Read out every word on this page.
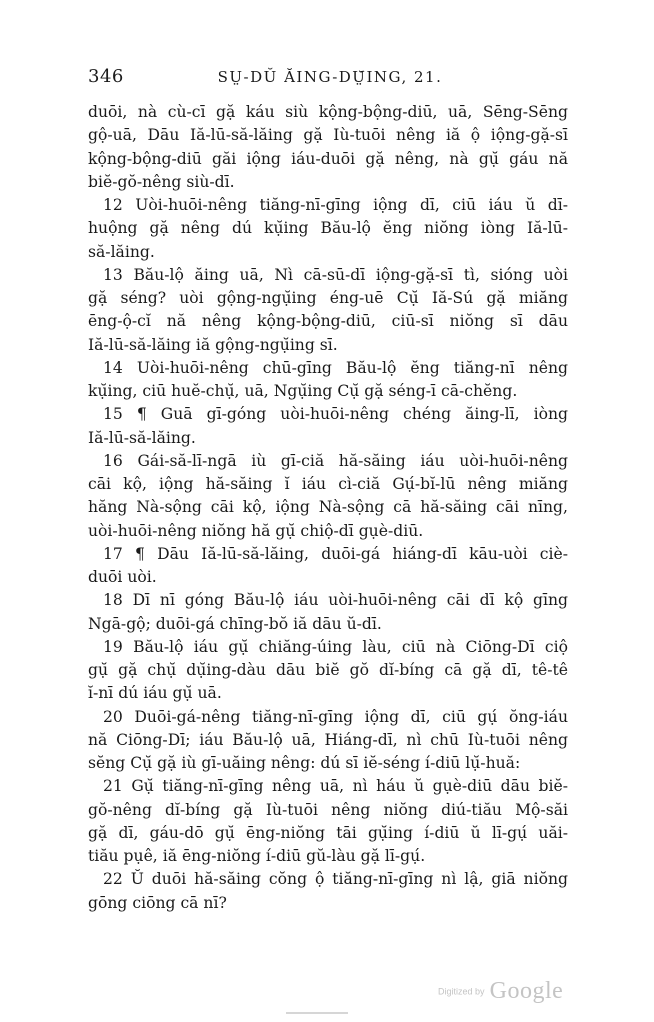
346	SṲ-DŬ ĂING-DṲ̆ING, 21.

duōi, nà cù-cī gặ káu siù kộng-bộng-diū, uā, Sēng-Sēng
gộ-uā, Dāu Iă-lū-să-lăing gặ Iù-tuōi nêng iă ộ iộng-gặ-sī
kộng-bộng-diū găi iộng iáu-duōi gặ nêng, nà gụ̆ gáu nă
biĕ-gŏ-nêng siù-dī.

12 Uòi-huōi-nêng tiăng-nī-gīng iộng dī, ciū iáu ŭ dī-
huộng gặ nêng dú kụ̆ing Bău-lộ ĕng niŏng iòng Iă-lū-
să-lăing.

13 Bău-lộ ăing uā, Nì cā-sū-dī iộng-gặ-sī tì, sióng uòi
gặ séng? uòi gộng-ngụ̆ing éng-uē Cụ̆ Iă-Sú gặ miăng
ēng-ộ-cĭ nă nêng kộng-bộng-diū, ciū-sī niŏng sī dāu
Iă-lū-să-lăing iă gộng-ngụ̆ing sī.

14 Uòi-huōi-nêng chū-gīng Bău-lộ ĕng tiăng-nī nêng
kụ̆ing, ciū huĕ-chụ̆, uā, Ngụ̆ing Cụ̆ gặ séng-ī cā-chĕng.

15 ¶ Guā gī-góng uòi-huōi-nêng chéng ăing-lī, iòng
Iă-lū-să-lăing.

16 Gái-să-lī-ngā iù gī-ciă hă-săing iáu uòi-huōi-nêng
cāi kộ, iộng hă-săing ĭ iáu cì-ciă Gụ́-bĭ-lū nêng miăng
hăng Nà-sộng cāi kộ, iộng Nà-sộng cā hă-săing cāi nīng,
uòi-huōi-nêng niŏng hă gụ̆ chiộ-dī gụè-diū.

17 ¶ Dāu Iă-lū-să-lăing, duōi-gá hiáng-dī kāu-uòi ciè-
duōi uòi.

18 Dī nī góng Bău-lộ iáu uòi-huōi-nêng cāi dī kộ gīng
Ngā-gộ; duōi-gá chīng-bŏ iă dāu ŭ-dī.

19 Bău-lộ iáu gụ̆ chiăng-úing làu, ciū nà Ciōng-Dī ciộ
gụ̆ gặ chụ̆ dụ̆ing-dàu dāu biĕ gŏ dĭ-bíng cā gặ dī, tê-tê
ĭ-nī dú iáu gụ̆ uā.

20 Duōi-gá-nêng tiăng-nī-gīng iộng dī, ciū gụ́ ŏng-iáu
nă Ciōng-Dī; iáu Bău-lộ uā, Hiáng-dī, nì chū Iù-tuōi nêng
sĕng Cụ̆ gặ iù gī-uăing nêng: dú sī iĕ-séng í-diū lụ̆-huă:

21 Gụ̆ tiăng-nī-gīng nêng uā, nì háu ŭ gụè-diū dāu biĕ-
gŏ-nêng dĭ-bíng gặ Iù-tuōi nêng niŏng diú-tiău Mộ-săi
gặ dī, gáu-dō gụ̆ ēng-niŏng tāi gụ̆ing í-diū ŭ lī-gụ́ uăi-
tiău pụê, iă ēng-niŏng í-diū gŭ-làu gặ lī-gụ́.

22 Ŭ duōi hă-săing cŏng ộ tiăng-nī-gīng nì lậ, giā niŏng
gōng ciōng cā nī?

Digitized by Google
